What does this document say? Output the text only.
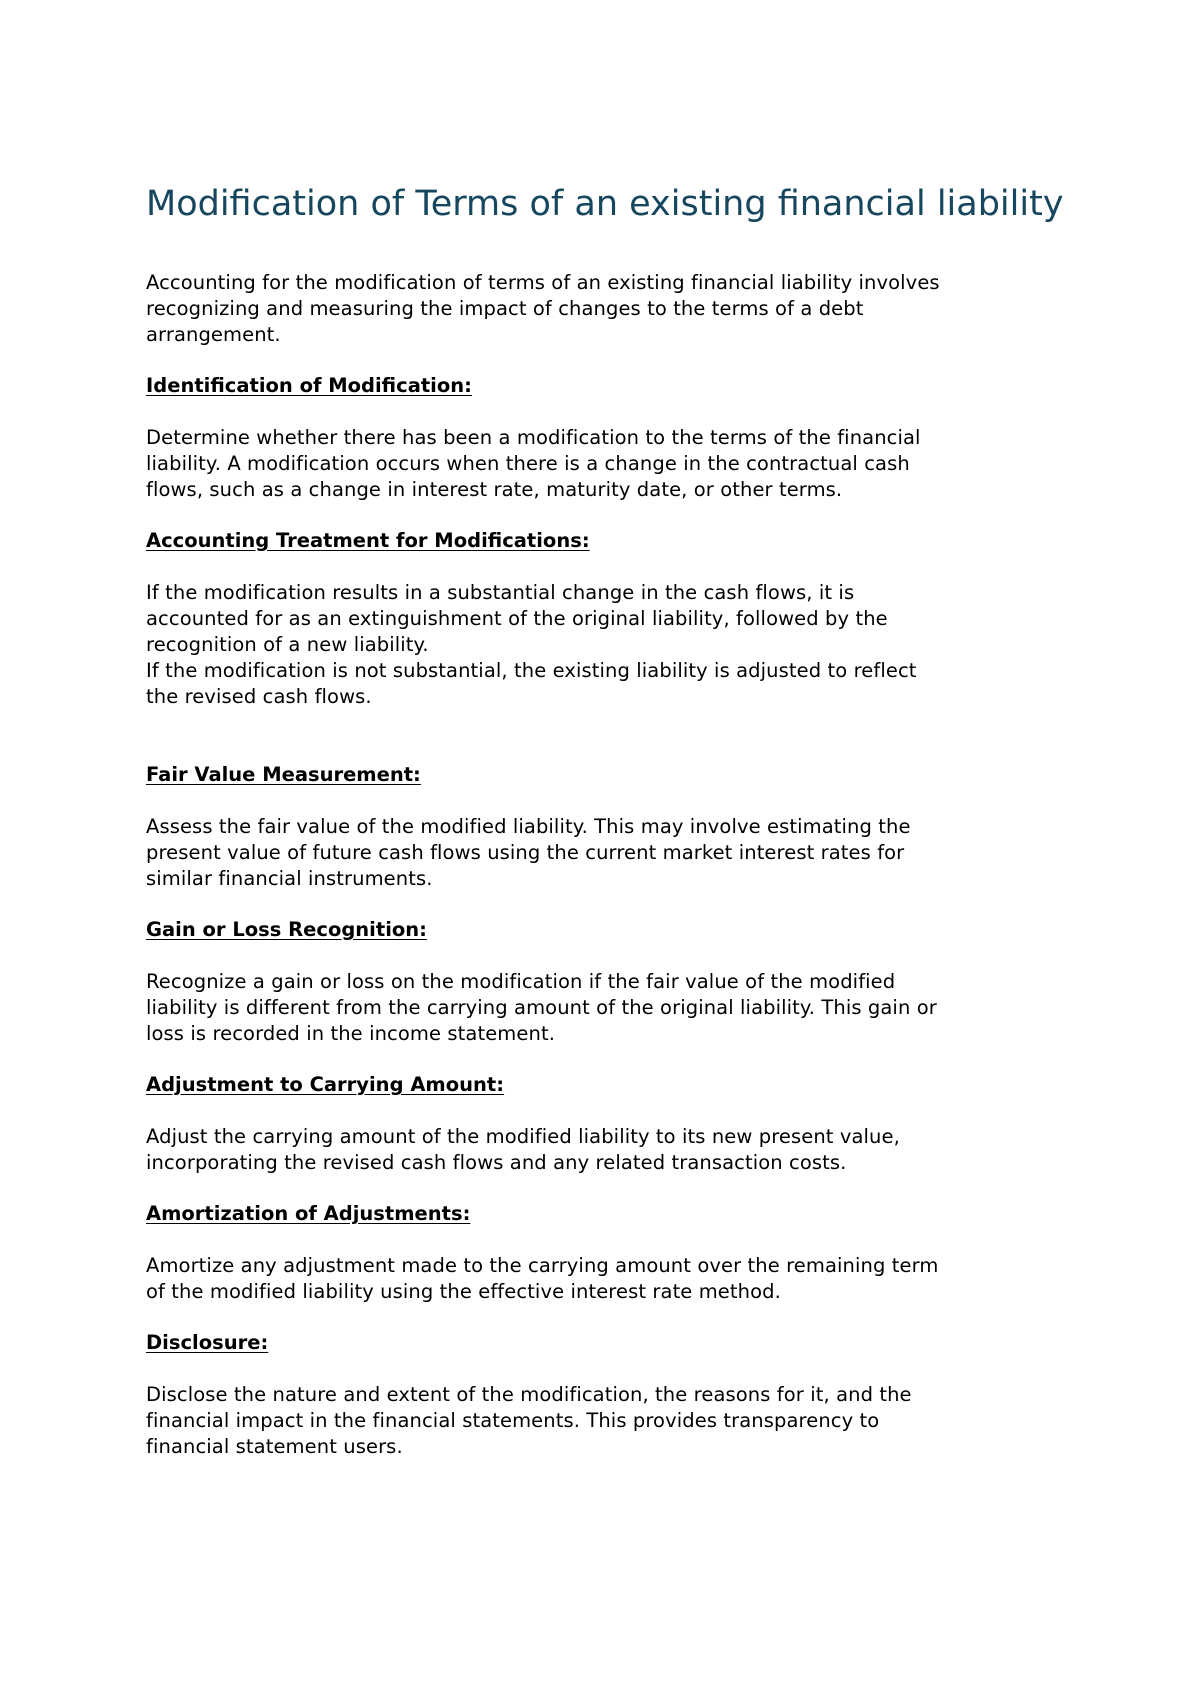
Modification of Terms of an existing financial liability

Accounting for the modification of terms of an existing financial liability involves
recognizing and measuring the impact of changes to the terms of a debt
arrangement.

Identification of Modification:

Determine whether there has been a modification to the terms of the financial
liability. A modification occurs when there is a change in the contractual cash
flows, such as a change in interest rate, maturity date, or other terms.

Accounting Treatment for Modifications:

If the modification results in a substantial change in the cash flows, it is
accounted for as an extinguishment of the original liability, followed by the
recognition of a new liability.
If the modification is not substantial, the existing liability is adjusted to reflect
the revised cash flows.

Fair Value Measurement:

Assess the fair value of the modified liability. This may involve estimating the
present value of future cash flows using the current market interest rates for
similar financial instruments.

Gain or Loss Recognition:

Recognize a gain or loss on the modification if the fair value of the modified
liability is different from the carrying amount of the original liability. This gain or
loss is recorded in the income statement.

Adjustment to Carrying Amount:

Adjust the carrying amount of the modified liability to its new present value,
incorporating the revised cash flows and any related transaction costs.

Amortization of Adjustments:

Amortize any adjustment made to the carrying amount over the remaining term
of the modified liability using the effective interest rate method.

Disclosure:

Disclose the nature and extent of the modification, the reasons for it, and the
financial impact in the financial statements. This provides transparency to
financial statement users.
